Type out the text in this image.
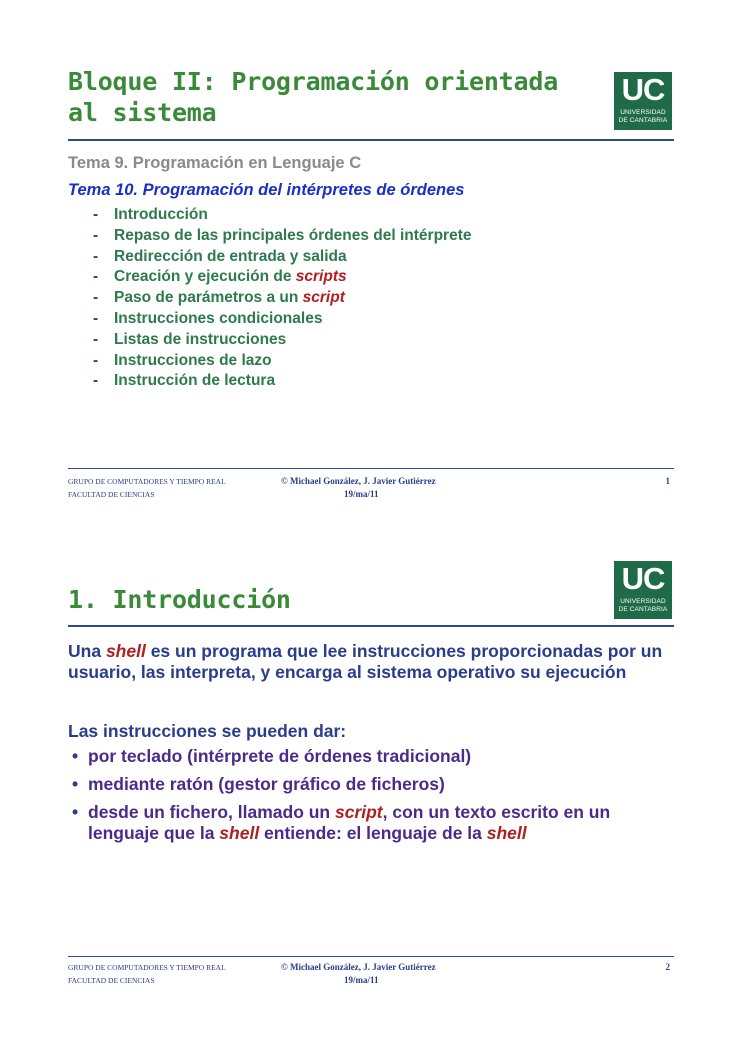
Bloque II: Programación orientada al sistema
UC
UNIVERSIDAD
DE CANTABRIA
Tema 9. Programación en Lenguaje C
Tema 10. Programación del intérpretes de órdenes
- Introducción
- Repaso de las principales órdenes del intérprete
- Redirección de entrada y salida
- Creación y ejecución de scripts
- Paso de parámetros a un script
- Instrucciones condicionales
- Listas de instrucciones
- Instrucciones de lazo
- Instrucción de lectura
GRUPO DE COMPUTADORES Y TIEMPO REAL
FACULTAD DE CIENCIAS
© Michael González, J. Javier Gutiérrez
19/ma/11
1
1. Introducción
UC
UNIVERSIDAD
DE CANTABRIA
Una shell es un programa que lee instrucciones proporcionadas por un usuario, las interpreta, y encarga al sistema operativo su ejecución
Las instrucciones se pueden dar:
• por teclado (intérprete de órdenes tradicional)
• mediante ratón (gestor gráfico de ficheros)
• desde un fichero, llamado un script, con un texto escrito en un lenguaje que la shell entiende: el lenguaje de la shell
GRUPO DE COMPUTADORES Y TIEMPO REAL
FACULTAD DE CIENCIAS
© Michael González, J. Javier Gutiérrez
19/ma/11
2
